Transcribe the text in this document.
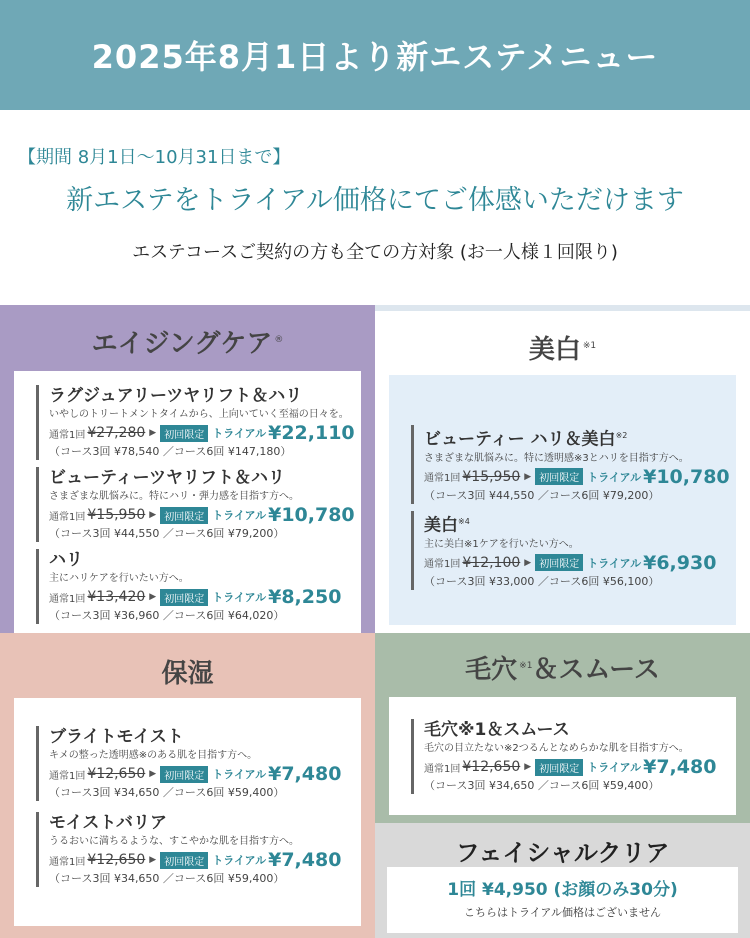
2025年8月1日より新エステメニュー
【期間 8月1日〜10月31日まで】
新エステをトライアル価格にてご体感いただけます
エステコースご契約の方も全ての方対象 (お一人様１回限り)
エイジングケア ®
ラグジュアリーツヤリフト＆ハリ
いやしのトリートメントタイムから、上向いていく至福の日々を。
通常1回 ¥27,280 ▶ 初回限定 トライアル ¥22,110
（コース3回 ¥78,540 ／コース6回 ¥147,180）
ビューティーツヤリフト＆ハリ
さまざまな肌悩みに。特にハリ・弾力感を目指す方へ。
通常1回 ¥15,950 ▶ 初回限定 トライアル ¥10,780
（コース3回 ¥44,550 ／コース6回 ¥79,200）
ハリ
主にハリケアを行いたい方へ。
通常1回 ¥13,420 ▶ 初回限定 トライアル ¥8,250
（コース3回 ¥36,960 ／コース6回 ¥64,020）
美白 $^{※1}$
ビューティー ハリ＆美白$^{※2}$
さまざまな肌悩みに。特に透明感※3とハリを目指す方へ。
通常1回 ¥15,950 ▶ 初回限定 トライアル ¥10,780
（コース3回 ¥44,550 ／コース6回 ¥79,200）
美白$^{※4}$
主に美白※1ケアを行いたい方へ。
通常1回 ¥12,100 ▶ 初回限定 トライアル ¥6,930
（コース3回 ¥33,000 ／コース6回 ¥56,100）
保湿
ブライトモイスト
キメの整った透明感※のある肌を目指す方へ。
通常1回 ¥12,650 ▶ 初回限定 トライアル ¥7,480
（コース3回 ¥34,650 ／コース6回 ¥59,400）
モイストバリア
うるおいに満ちるような、すこやかな肌を目指す方へ。
通常1回 ¥12,650 ▶ 初回限定 トライアル ¥7,480
（コース3回 ¥34,650 ／コース6回 ¥59,400）
毛穴 $^{※1}$＆スムース
毛穴※1＆スムース
毛穴の目立たない※2つるんとなめらかな肌を目指す方へ。
通常1回 ¥12,650 ▶ 初回限定 トライアル ¥7,480
（コース3回 ¥34,650 ／コース6回 ¥59,400）
フェイシャルクリア
1回 ¥4,950 (お顔のみ30分)
こちらはトライアル価格はございません
